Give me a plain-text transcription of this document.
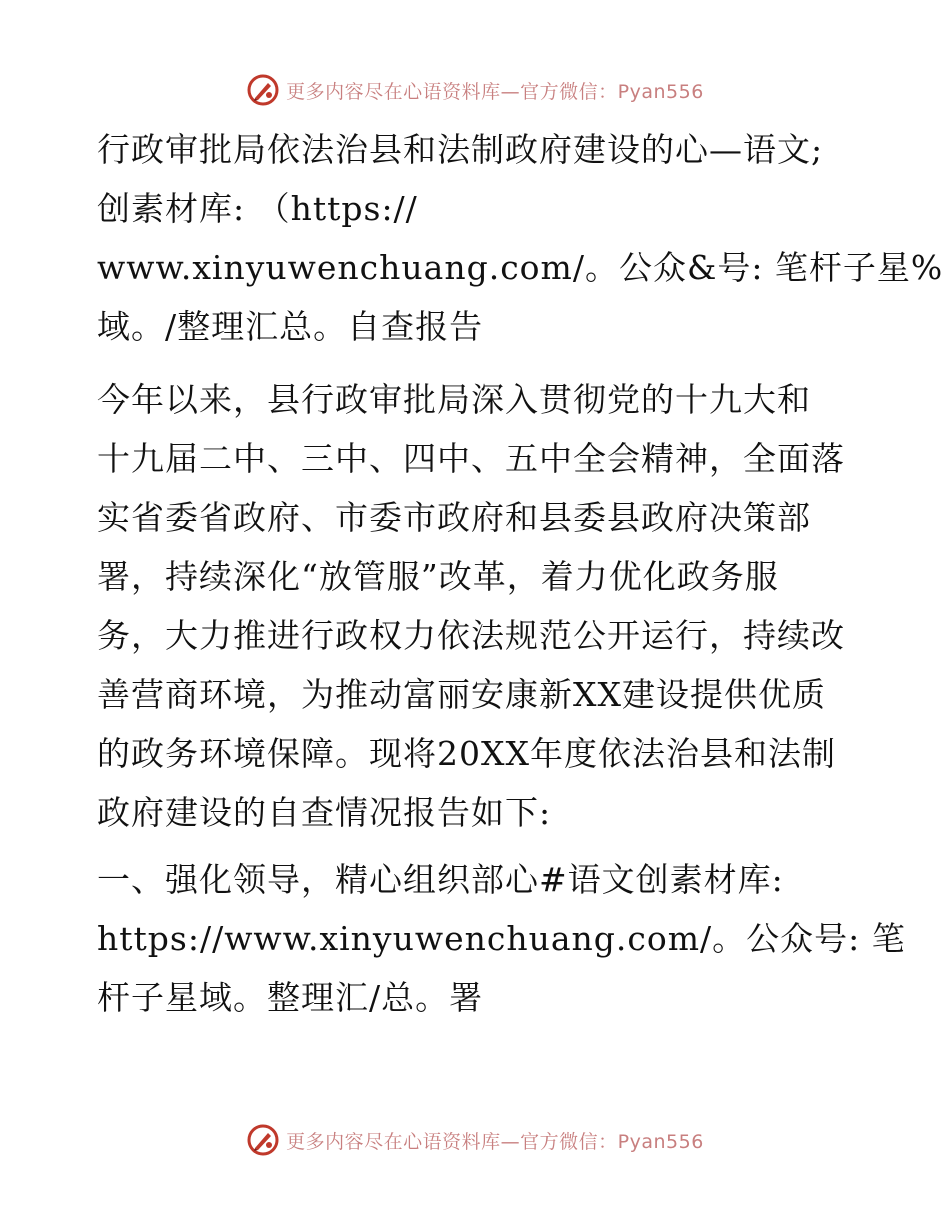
更多内容尽在心语资料库—官方微信：Pyan556

行政审批局依法治县和法制政府建设的心—语文;
创素材库: （https://
www.xinyuwenchuang.com/。公众&号: 笔杆子星%
域。/整理汇总。自查报告

今年以来，县行政审批局深入贯彻党的十九大和
十九届二中、三中、四中、五中全会精神，全面落
实省委省政府、市委市政府和县委县政府决策部
署，持续深化“放管服”改革，着力优化政务服
务，大力推进行政权力依法规范公开运行，持续改
善营商环境，为推动富丽安康新XX建设提供优质
的政务环境保障。现将20XX年度依法治县和法制
政府建设的自查情况报告如下:

一、强化领导，精心组织部心#语文创素材库:
https://www.xinyuwenchuang.com/。公众号: 笔
杆子星域。整理汇/总。署

更多内容尽在心语资料库—官方微信：Pyan556
